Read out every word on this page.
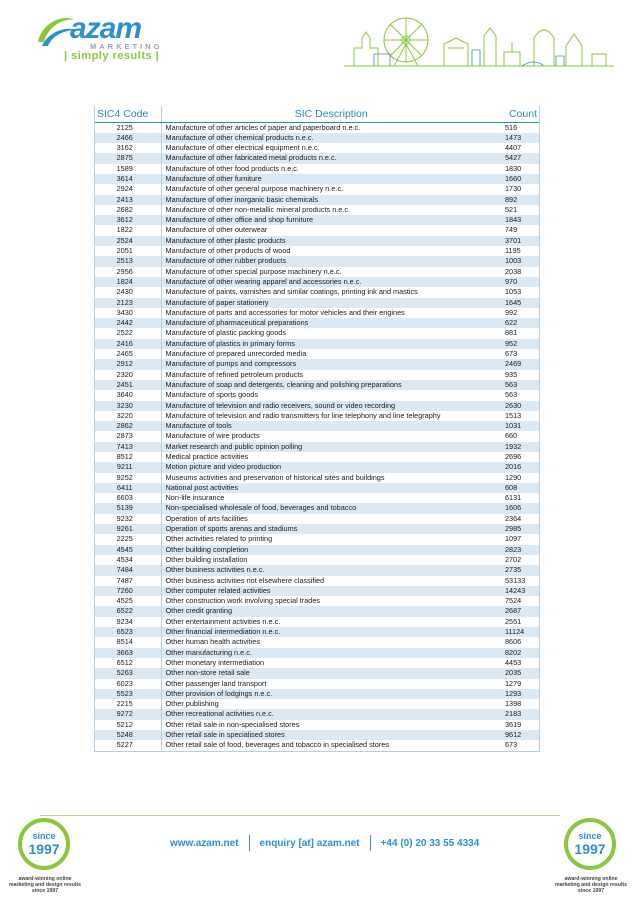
azam
MARKETING
| simply results |
SIC4 Code	SIC Description	Count
2125	Manufacture of other articles of paper and paperboard n.e.c.	516
2466	Manufacture of other chemical products n.e.c.	1473
3162	Manufacture of other electrical equipment n.e.c.	4407
2875	Manufacture of other fabricated metal products n.e.c.	5427
1589	Manufacture of other food products n.e.c.	1830
3614	Manufacture of other furniture	1660
2924	Manufacture of other general purpose machinery n.e.c.	1730
2413	Manufacture of other inorganic basic chemicals	892
2682	Manufacture of other non-metallic mineral products n.e.c.	521
3612	Manufacture of other office and shop furniture	1843
1822	Manufacture of other outerwear	749
2524	Manufacture of other plastic products	3701
2051	Manufacture of other products of wood	1195
2513	Manufacture of other rubber products	1003
2956	Manufacture of other special purpose machinery n.e.c.	2038
1824	Manufacture of other wearing apparel and accessories n.e.c.	970
2430	Manufacture of paints, varnishes and similar coatings, printing ink and mastics	1053
2123	Manufacture of paper stationery	1645
3430	Manufacture of parts and accessories for motor vehicles and their engines	992
2442	Manufacture of pharmaceutical preparations	622
2522	Manufacture of plastic packing goods	881
2416	Manufacture of plastics in primary forms	952
2465	Manufacture of prepared unrecorded media	673
2912	Manufacture of pumps and compressors	2469
2320	Manufacture of refined petroleum products	935
2451	Manufacture of soap and detergents, cleaning and polishing preparations	563
3640	Manufacture of sports goods	563
3230	Manufacture of television and radio receivers, sound or video recording	2630
3220	Manufacture of television and radio transmitters for line telephony and line telegraphy	1513
2862	Manufacture of tools	1031
2873	Manufacture of wire products	660
7413	Market research and public opinion polling	1932
8512	Medical practice activities	2696
9211	Motion picture and video production	2016
9252	Museums activities and preservation of historical sites and buildings	1290
6411	National post activities	608
6603	Non-life insurance	6131
5139	Non-specialised wholesale of food, beverages and tobacco	1606
9232	Operation of arts facilities	2364
9261	Operation of sports arenas and stadiums	2985
2225	Other activities related to printing	1097
4545	Other building completion	2823
4534	Other building installation	2702
7484	Other business activities n.e.c.	2735
7487	Other business activities not elsewhere classified	53133
7260	Other computer related activities	14243
4525	Other construction work involving special trades	7524
6522	Other credit granting	2687
9234	Other entertainment activities n.e.c.	2551
6523	Other financial intermediation n.e.c.	11124
8514	Other human health activities	8606
3663	Other manufacturing n.e.c.	8202
6512	Other monetary intermediation	4453
5263	Other non-store retail sale	2035
6023	Other passenger land transport	1279
5523	Other provision of lodgings n.e.c.	1293
2215	Other publishing	1398
9272	Other recreational activities n.e.c.	2183
5212	Other retail sale in non-specialised stores	3619
5248	Other retail sale in specialised stores	9612
5227	Other retail sale of food, beverages and tobacco in specialised stores	673
since
1997
award-winning online marketing and design results since 1997
www.azam.net	enquiry [at] azam.net	+44 (0) 20 33 55 4334
since
1997
award-winning online marketing and design results since 1997
